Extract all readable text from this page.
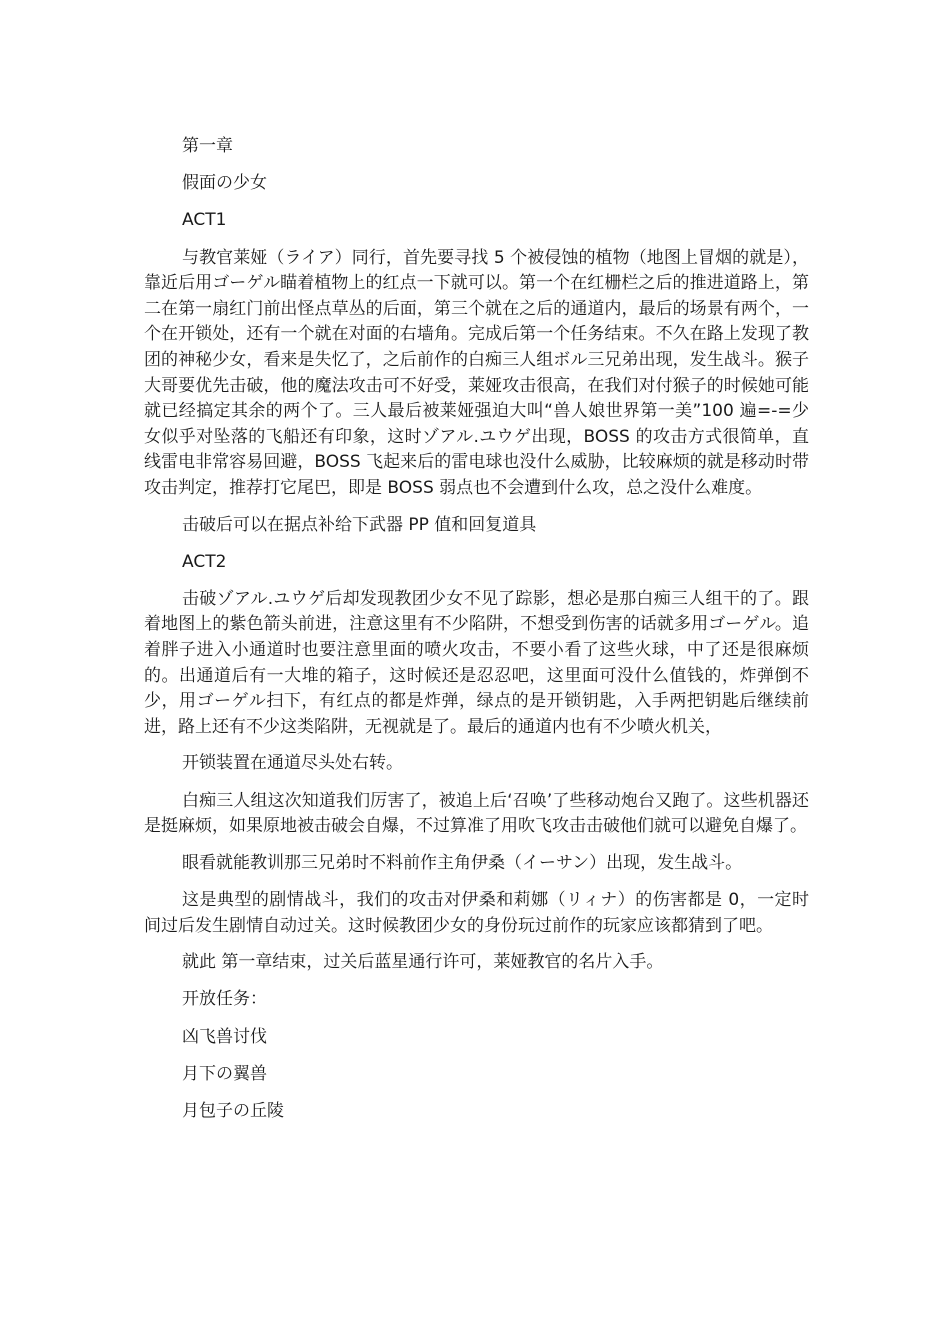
第一章

假面の少女

ACT1

与教官莱娅（ライア）同行，首先要寻找 5 个被侵蚀的植物（地图上冒烟的就是），靠近后用ゴーゲル瞄着植物上的红点一下就可以。第一个在红栅栏之后的推进道路上，第二在第一扇红门前出怪点草丛的后面，第三个就在之后的通道内，最后的场景有两个，一个在开锁处，还有一个就在对面的右墙角。完成后第一个任务结束。不久在路上发现了教团的神秘少女，看来是失忆了，之后前作的白痴三人组ボル三兄弟出现，发生战斗。猴子大哥要优先击破，他的魔法攻击可不好受，莱娅攻击很高，在我们对付猴子的时候她可能就已经搞定其余的两个了。三人最后被莱娅强迫大叫“兽人娘世界第一美”100 遍=-=少女似乎对坠落的飞船还有印象，这时ゾアル.ユウゲ出现，BOSS 的攻击方式很简单，直线雷电非常容易回避，BOSS 飞起来后的雷电球也没什么威胁，比较麻烦的就是移动时带攻击判定，推荐打它尾巴，即是 BOSS 弱点也不会遭到什么攻，总之没什么难度。

击破后可以在据点补给下武器 PP 值和回复道具

ACT2

击破ゾアル.ユウゲ后却发现教团少女不见了踪影，想必是那白痴三人组干的了。跟着地图上的紫色箭头前进，注意这里有不少陷阱，不想受到伤害的话就多用ゴーゲル。追着胖子进入小通道时也要注意里面的喷火攻击，不要小看了这些火球，中了还是很麻烦的。出通道后有一大堆的箱子，这时候还是忍忍吧，这里面可没什么值钱的，炸弹倒不少，用ゴーゲル扫下，有红点的都是炸弹，绿点的是开锁钥匙，入手两把钥匙后继续前进，路上还有不少这类陷阱，无视就是了。最后的通道内也有不少喷火机关，

开锁装置在通道尽头处右转。

白痴三人组这次知道我们厉害了，被追上后‘召唤’了些移动炮台又跑了。这些机器还是挺麻烦，如果原地被击破会自爆，不过算准了用吹飞攻击击破他们就可以避免自爆了。

眼看就能教训那三兄弟时不料前作主角伊桑（イーサン）出现，发生战斗。

这是典型的剧情战斗，我们的攻击对伊桑和莉娜（リィナ）的伤害都是 0，一定时间过后发生剧情自动过关。这时候教团少女的身份玩过前作的玩家应该都猜到了吧。

就此 第一章结束，过关后蓝星通行许可，莱娅教官的名片入手。

开放任务：

凶飞兽讨伐

月下の翼兽

月包子の丘陵
